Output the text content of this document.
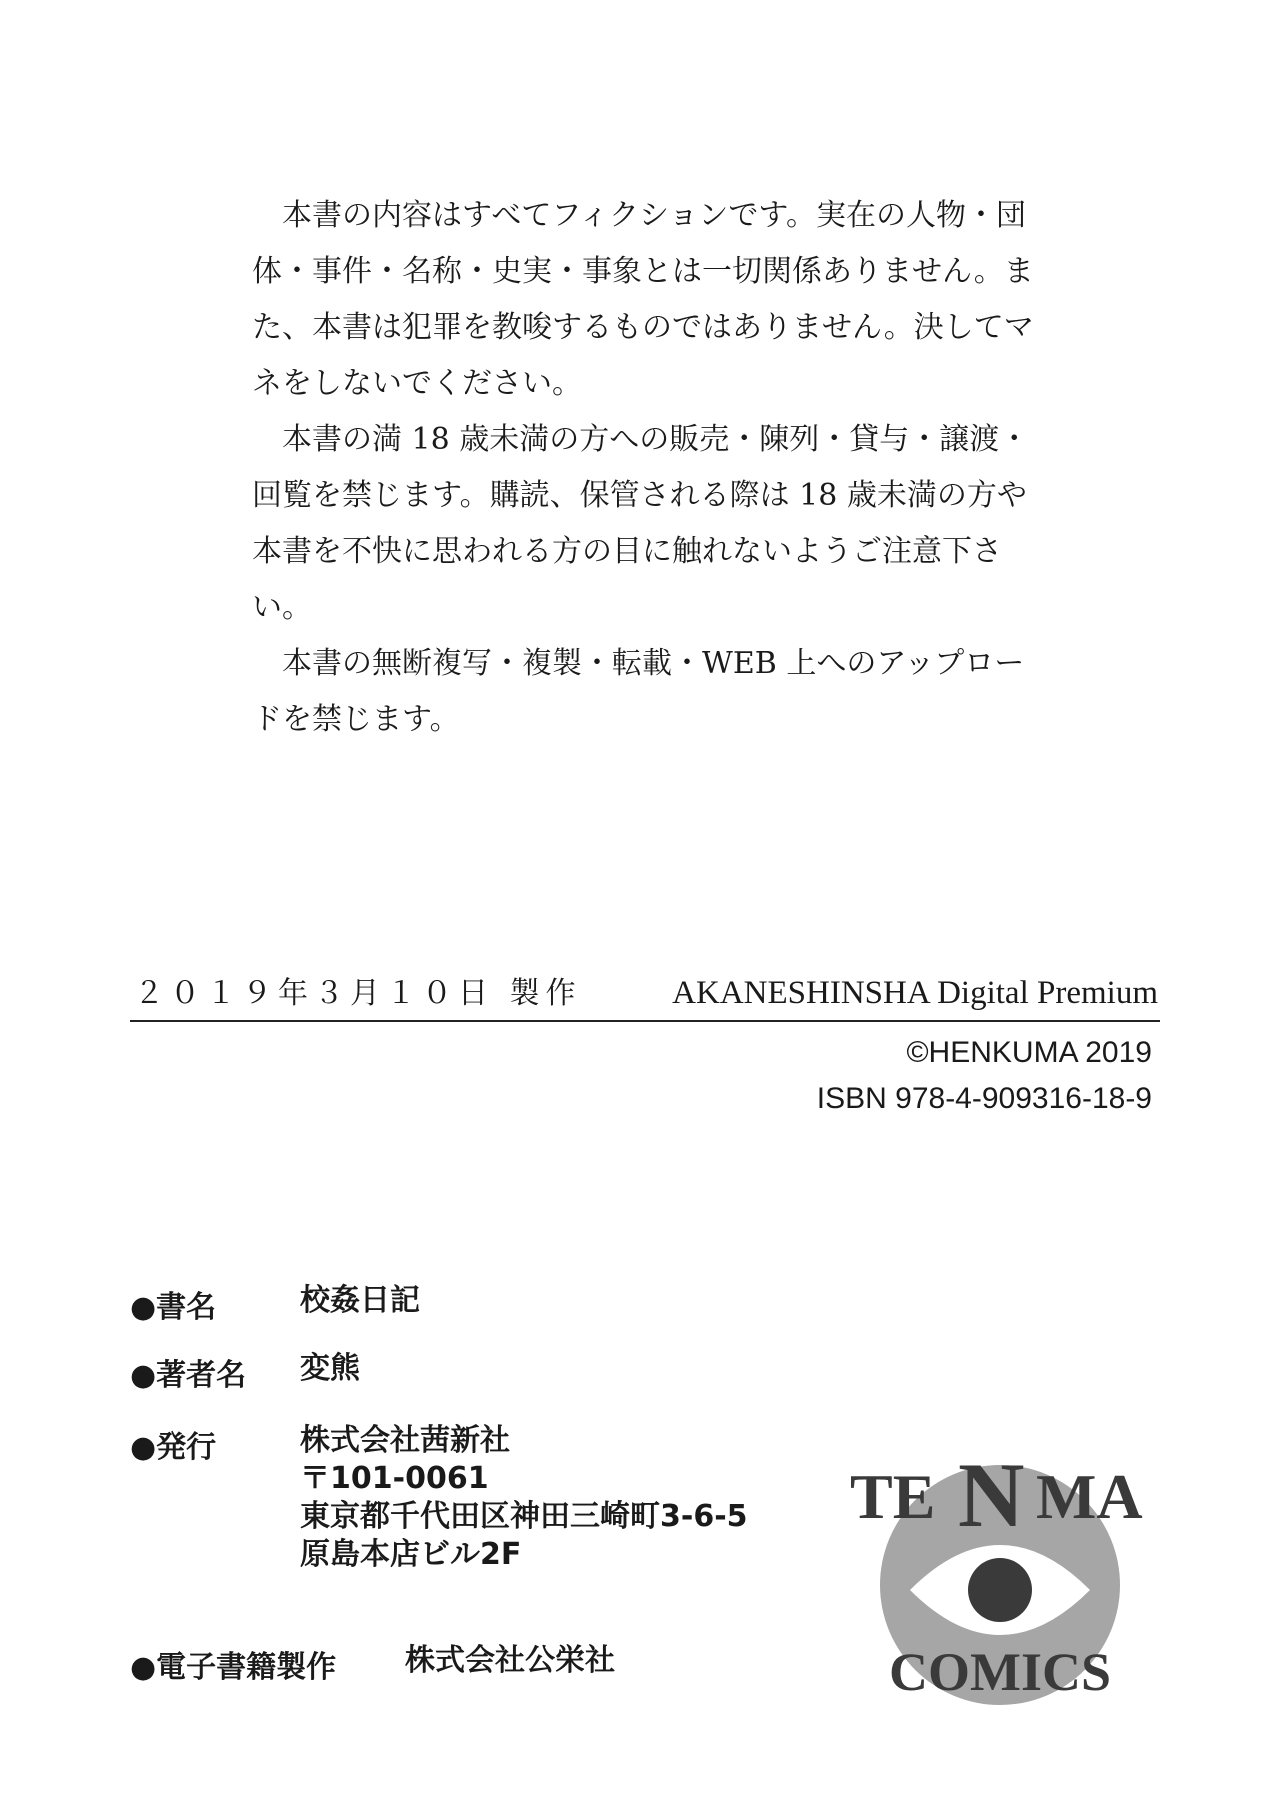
本書の内容はすべてフィクションです。実在の人物・団体・事件・名称・史実・事象とは一切関係ありません。また、本書は犯罪を教唆するものではありません。決してマネをしないでください。

本書の満 18 歳未満の方への販売・陳列・貸与・譲渡・回覧を禁じます。購読、保管される際は 18 歳未満の方や本書を不快に思われる方の目に触れないようご注意下さい。

本書の無断複写・複製・転載・WEB 上へのアップロードを禁じます。

２０１９年３月１０日 製作	AKANESHINSHA Digital Premium
©HENKUMA 2019
ISBN 978-4-909316-18-9
●書名	校姦日記
●著者名 変熊
●発行	株式会社茜新社
〒101-0061
東京都千代田区神田三崎町3-6-5
原島本店ビル2F
●電子書籍製作 株式会社公栄社
TE N MA
COMICS
